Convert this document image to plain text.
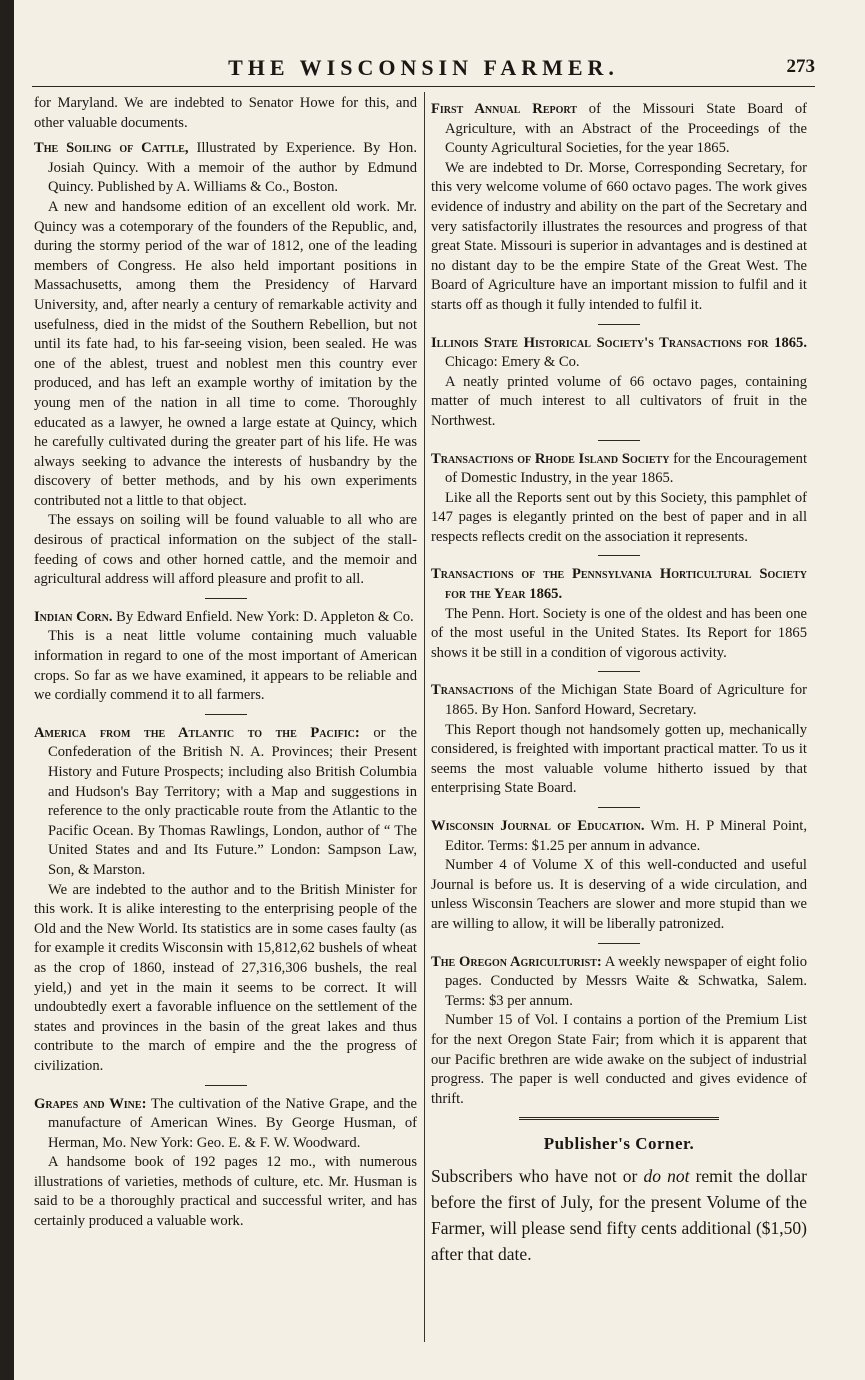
THE WISCONSIN FARMER.	273

for Maryland. We are indebted to Senator Howe for this, and other valuable documents.

The Soiling of Cattle, Illustrated by Experience. By Hon. Josiah Quincy. With a memoir of the author by Edmund Quincy. Published by A. Williams & Co., Boston.

A new and handsome edition of an excellent old work. Mr. Quincy was a cotemporary of the founders of the Republic, and, during the stormy period of the war of 1812, one of the leading members of Congress. He also held important positions in Massachusetts, among them the Presidency of Harvard University, and, after nearly a century of remarkable activity and usefulness, died in the midst of the Southern Rebellion, but not until its fate had, to his far-seeing vision, been sealed. He was one of the ablest, truest and noblest men this country ever produced, and has left an example worthy of imitation by the young men of the nation in all time to come. Thoroughly educated as a lawyer, he owned a large estate at Quincy, which he carefully cultivated during the greater part of his life. He was always seeking to advance the interests of husbandry by the discovery of better methods, and by his own experiments contributed not a little to that object.

The essays on soiling will be found valuable to all who are desirous of practical information on the subject of the stall-feeding of cows and other horned cattle, and the memoir and agricultural address will afford pleasure and profit to all.

Indian Corn. By Edward Enfield. New York: D. Appleton & Co.

This is a neat little volume containing much valuable information in regard to one of the most important of American crops. So far as we have examined, it appears to be reliable and we cordially commend it to all farmers.

America from the Atlantic to the Pacific: or the Confederation of the British N. A. Provinces; their Present History and Future Prospects; including also British Columbia and Hudson's Bay Territory; with a Map and suggestions in reference to the only practicable route from the Atlantic to the Pacific Ocean. By Thomas Rawlings, London, author of “ The United States and and Its Future.” London: Sampson Law, Son, & Marston.

We are indebted to the author and to the British Minister for this work. It is alike interesting to the enterprising people of the Old and the New World. Its statistics are in some cases faulty (as for example it credits Wisconsin with 15,812,62 bushels of wheat as the crop of 1860, instead of 27,316,306 bushels, the real yield,) and yet in the main it seems to be correct. It will undoubtedly exert a favorable influence on the settlement of the states and provinces in the basin of the great lakes and thus contribute to the march of empire and the the progress of civilization.

Grapes and Wine: The cultivation of the Native Grape, and the manufacture of American Wines. By George Husman, of Herman, Mo. New York: Geo. E. & F. W. Woodward.

A handsome book of 192 pages 12 mo., with numerous illustrations of varieties, methods of culture, etc. Mr. Husman is said to be a thoroughly practical and successful writer, and has certainly produced a valuable work.

First Annual Report of the Missouri State Board of Agriculture, with an Abstract of the Proceedings of the County Agricultural Societies, for the year 1865.

We are indebted to Dr. Morse, Corresponding Secretary, for this very welcome volume of 660 octavo pages. The work gives evidence of industry and ability on the part of the Secretary and very satisfactorily illustrates the resources and progress of that great State. Missouri is superior in advantages and is destined at no distant day to be the empire State of the Great West. The Board of Agriculture have an important mission to fulfil and it starts off as though it fully intended to fulfil it.

Illinois State Historical Society's Transactions for 1865. Chicago: Emery & Co.

A neatly printed volume of 66 octavo pages, containing matter of much interest to all cultivators of fruit in the Northwest.

Transactions of Rhode Island Society for the Encouragement of Domestic Industry, in the year 1865.

Like all the Reports sent out by this Society, this pamphlet of 147 pages is elegantly printed on the best of paper and in all respects reflects credit on the association it represents.

Transactions of the Pennsylvania Horticultural Society for the Year 1865.

The Penn. Hort. Society is one of the oldest and has been one of the most useful in the United States. Its Report for 1865 shows it be still in a condition of vigorous activity.

Transactions of the Michigan State Board of Agriculture for 1865. By Hon. Sanford Howard, Secretary.

This Report though not handsomely gotten up, mechanically considered, is freighted with important practical matter. To us it seems the most valuable volume hitherto issued by that enterprising State Board.

Wisconsin Journal of Education. Wm. H. P Mineral Point, Editor. Terms: $1.25 per annum in advance.

Number 4 of Volume X of this well-conducted and useful Journal is before us. It is deserving of a wide circulation, and unless Wisconsin Teachers are slower and more stupid than we are willing to allow, it will be liberally patronized.

The Oregon Agriculturist: A weekly newspaper of eight folio pages. Conducted by Messrs Waite & Schwatka, Salem. Terms: $3 per annum.

Number 15 of Vol. I contains a portion of the Premium List for the next Oregon State Fair; from which it is apparent that our Pacific brethren are wide awake on the subject of industrial progress. The paper is well conducted and gives evidence of thrift.

Publisher's Corner.

Subscribers who have not or do not remit the dollar before the first of July, for the present Volume of the Farmer, will please send fifty cents additional ($1,50) after that date.
